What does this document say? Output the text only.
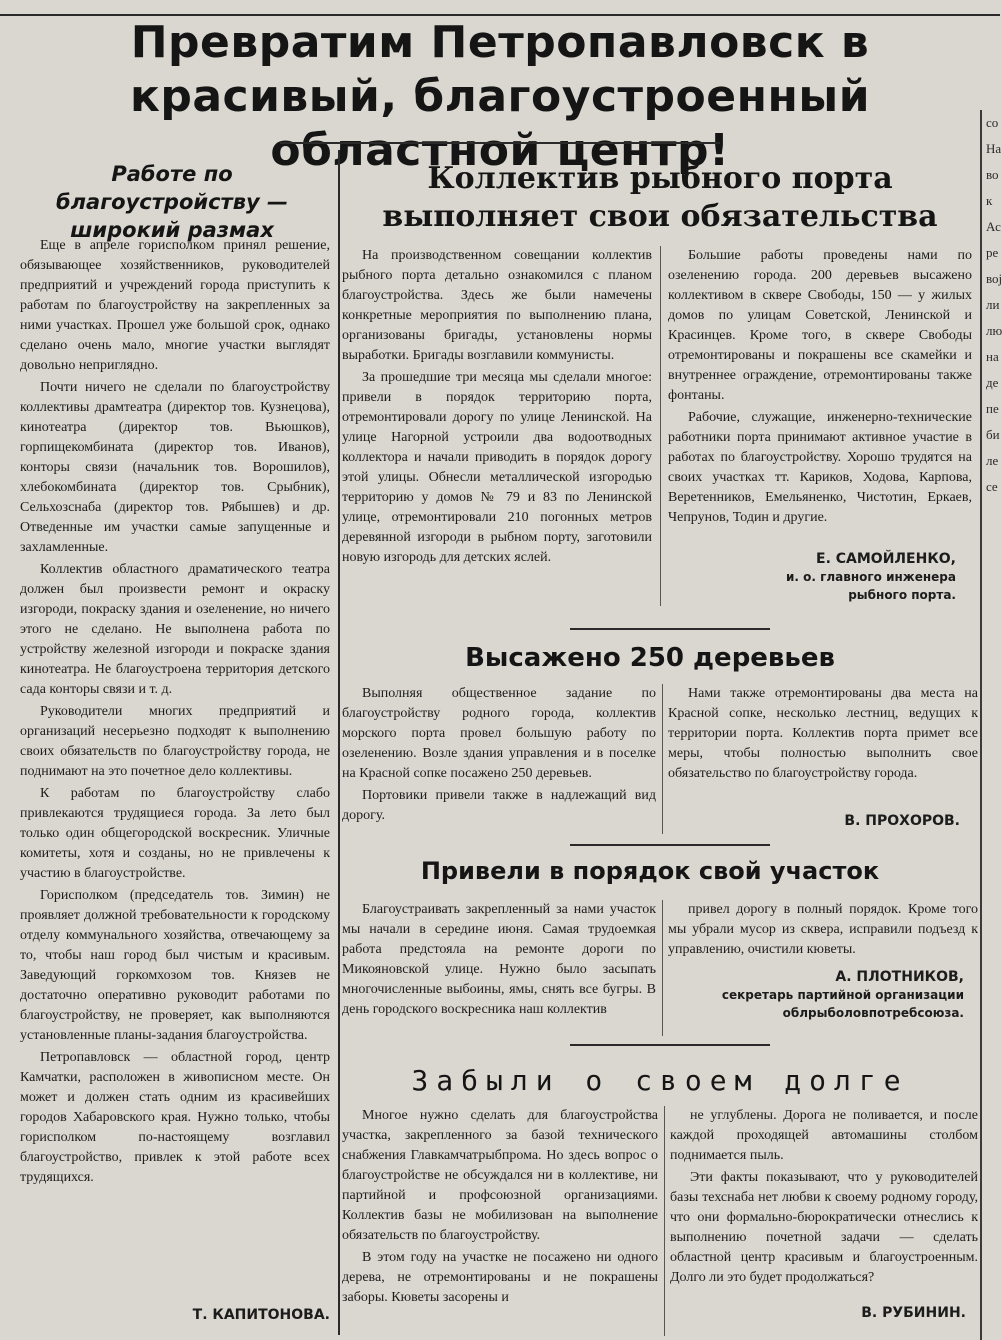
со
На
во
к
Ас
ре
вој
ли
лю
на
де
пе
би
ле
се
Превратим Петропавловск в красивый, благоустроенный областной центр!
Работе по благоустройству — широкий размах

Еще в апреле горисполком принял решение, обязывающее хозяйственников, руководителей предприятий и учреждений города приступить к работам по благоустройству на закрепленных за ними участках. Прошел уже большой срок, однако сделано очень мало, многие участки выглядят довольно неприглядно.

Почти ничего не сделали по благоустройству коллективы драмтеатра (директор тов. Кузнецова), кинотеатра (директор тов. Вьюшков), горпищекомбината (директор тов. Иванов), конторы связи (начальник тов. Ворошилов), хлебокомбината (директор тов. Срыбник), Сельхозснаба (директор тов. Рябышев) и др. Отведенные им участки самые запущенные и захламленные.

Коллектив областного драматического театра должен был произвести ремонт и окраску изгороди, покраску здания и озеленение, но ничего этого не сделано. Не выполнена работа по устройству железной изгороди и покраске здания кинотеатра. Не благоустроена территория детского сада конторы связи и т. д.

Руководители многих предприятий и организаций несерьезно подходят к выполнению своих обязательств по благоустройству города, не поднимают на это почетное дело коллективы.

К работам по благоустройству слабо привлекаются трудящиеся города. За лето был только один общегородской воскресник. Уличные комитеты, хотя и созданы, но не привлечены к участию в благоустройстве.

Горисполком (председатель тов. Зимин) не проявляет должной требовательности к городскому отделу коммунального хозяйства, отвечающему за то, чтобы наш город был чистым и красивым. Заведующий горкомхозом тов. Князев не достаточно оперативно руководит работами по благоустройству, не проверяет, как выполняются установленные планы-задания благоустройства.

Петропавловск — областной город, центр Камчатки, расположен в живописном месте. Он может и должен стать одним из красивейших городов Хабаровского края. Нужно только, чтобы горисполком по-настоящему возглавил благоустройство, привлек к этой работе всех трудящихся.

Т. КАПИТОНОВА.
Коллектив рыбного порта выполняет свои обязательства

На производственном совещании коллектив рыбного порта детально ознакомился с планом благоустройства. Здесь же были намечены конкретные мероприятия по выполнению плана, организованы бригады, установлены нормы выработки. Бригады возглавили коммунисты.

За прошедшие три месяца мы сделали многое: привели в порядок территорию порта, отремонтировали дорогу по улице Ленинской. На улице Нагорной устроили два водоотводных коллектора и начали приводить в порядок дорогу этой улицы. Обнесли металлической изгородью территорию у домов № 79 и 83 по Ленинской улице, отремонтировали 210 погонных метров деревянной изгороди в рыбном порту, заготовили новую изгородь для детских яслей.

Большие работы проведены нами по озеленению города. 200 деревьев высажено коллективом в сквере Свободы, 150 — у жилых домов по улицам Советской, Ленинской и Красинцев. Кроме того, в сквере Свободы отремонтированы и покрашены все скамейки и внутреннее ограждение, отремонтированы также фонтаны.

Рабочие, служащие, инженерно-технические работники порта принимают активное участие в работах по благоустройству. Хорошо трудятся на своих участках тт. Кариков, Ходова, Карпова, Веретенников, Емельяненко, Чистотин, Еркаев, Чепрунов, Тодин и другие.

Е. САМОЙЛЕНКО,
и. о. главного инженера
рыбного порта.
Высажено 250 деревьев

Выполняя общественное задание по благоустройству родного города, коллектив морского порта провел большую работу по озеленению. Возле здания управления и в поселке на Красной сопке посажено 250 деревьев.

Портовики привели также в надлежащий вид дорогу.

Нами также отремонтированы два места на Красной сопке, несколько лестниц, ведущих к территории порта. Коллектив порта примет все меры, чтобы полностью выполнить свое обязательство по благоустройству города.

В. ПРОХОРОВ.
Привели в порядок свой участок

Благоустраивать закрепленный за нами участок мы начали в середине июня. Самая трудоемкая работа предстояла на ремонте дороги по Микояновской улице. Нужно было засыпать многочисленные выбоины, ямы, снять все бугры. В день городского воскресника наш коллектив

привел дорогу в полный порядок. Кроме того мы убрали мусор из сквера, исправили подъезд к управлению, очистили кюветы.

А. ПЛОТНИКОВ,
секретарь партийной организации
облрыболовпотребсоюза.
Забыли о своем долге

Многое нужно сделать для благоустройства участка, закрепленного за базой технического снабжения Главкамчатрыбпрома. Но здесь вопрос о благоустройстве не обсуждался ни в коллективе, ни партийной и профсоюзной организациями. Коллектив базы не мобилизован на выполнение обязательств по благоустройству.

В этом году на участке не посажено ни одного дерева, не отремонтированы и не покрашены заборы. Кюветы засорены и

не углублены. Дорога не поливается, и после каждой проходящей автомашины столбом поднимается пыль.

Эти факты показывают, что у руководителей базы техснаба нет любви к своему родному городу, что они формально-бюрократически отнеслись к выполнению почетной задачи — сделать областной центр красивым и благоустроенным. Долго ли это будет продолжаться?

В. РУБИНИН.
